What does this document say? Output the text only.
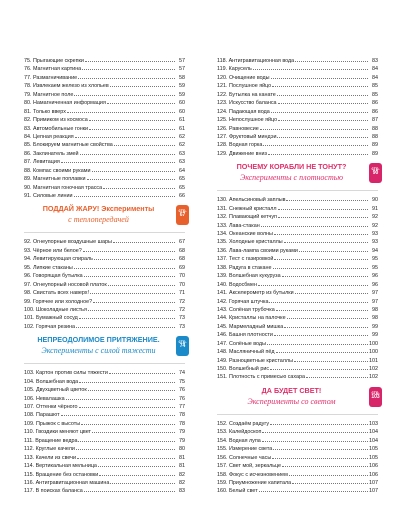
75. Прыгающие скрепки	57
76. Магнитная картина	57
77. Размагничивание	58
78. Извлекаем железо из хлопьев	59
79. Магнитное поле	59
80. Намагниченная информация	60
81. Только вверх	60
82. Примиком из космоса	61
83. Автомобильные гонки	61
84. Цепная реакция	62
85. Блокируем магнитные свойства	62
86. Заклинатель змей	63
87. Левитация	63
88. Компас своими руками	64
89. Магнитные поплавки	65
90. Магнитная гоночная трасса	65
91. Силовые линии	66
ПОДДАЙ ЖАРУ! Эксперименты
с теплопередачей
стр.
67
92. Огнеупорные воздушные шары	67
93. Чёрное или белое?	68
94. Левитирующая спираль	68
95. Липкие стаканы	69
96. Говорящая бутылка	70
97. Огнеупорный носовой платок	70
98. Свистать всех наверх!	71
99. Горячее или холодное?	72
100. Шоколадные листья	72
101. Бумажный сосуд	73
102. Горячая резина	73
НЕПРЕОДОЛИМОЕ ПРИТЯЖЕНИЕ.
Эксперименты с силой тяжести
стр.
74
103. Картон против силы тяжести	74
104. Волшебная вода	75
105. Двухцветный цветок	76
106. Невалашка	76
107. Оттенки чёрного	77
108. Парашют	78
109. Прыжок с высоты	78
110. Гвоздики меняют цвет	79
111. Вращение ведра	79
112. Круглые качели	80
113. Качели из свечи	81
114. Вертикальная мельница	81
115. Вращение без остановки	82
116. Антигравитационная машина	82
117. В поисках баланса	83
118. Антигравитационная вода	83
119. Карусель	84
120. Очищение воды	84
121. Послушное яйцо	85
122. Бутылка на канате	85
123. Искусство баланса	86
124. Падающая вода	86
125. Непослушное яйцо	87
126. Равновесие	88
127. Фруктовый миндэи	88
128. Водная горка	89
129. Движение вниз	89
ПОЧЕМУ КОРАБЛИ НЕ ТОНУТ?
Эксперименты с плотностью
стр.
90
130. Апельсиновый заплыв	90
131. Снежный кристалл	91
132. Плавающий кетчуп	92
133. Лава-стакан	92
134. Океанские волны	93
135. Холодные кристаллы	93
136. Лава-лампа своими руками	94
137. Тест с газировкой	95
138. Радуга в стакане	95
139. Волшебная кукуруза	96
140. Водосбмен	96
141. Акселерометр из бутылки	97
142. Горячая штучка	97
143. Солёная трубочка	98
144. Кристаллы на палочке	98
145. Мармеладный мишка	99
146. Башня плотности	99
147. Солёные воды	100
148. Масляничный пёд	100
149. Разноцветные кристаллы	101
150. Волшебный рис	102
151. Плотность с примесью сахара	102
ДА БУДЕТ СВЕТ!
Эксперименты со светом
стр.
103
152. Создаём радугу	103
153. Калейдоскоп	104
154. Водная лупа	104
155. Измерение света	105
156. Солнечные часы	105
157. Свет мой, зеркальце	106
158. Фокус с исчезновением	106
159. Приумножение капитала	107
160. Белый свет	107
